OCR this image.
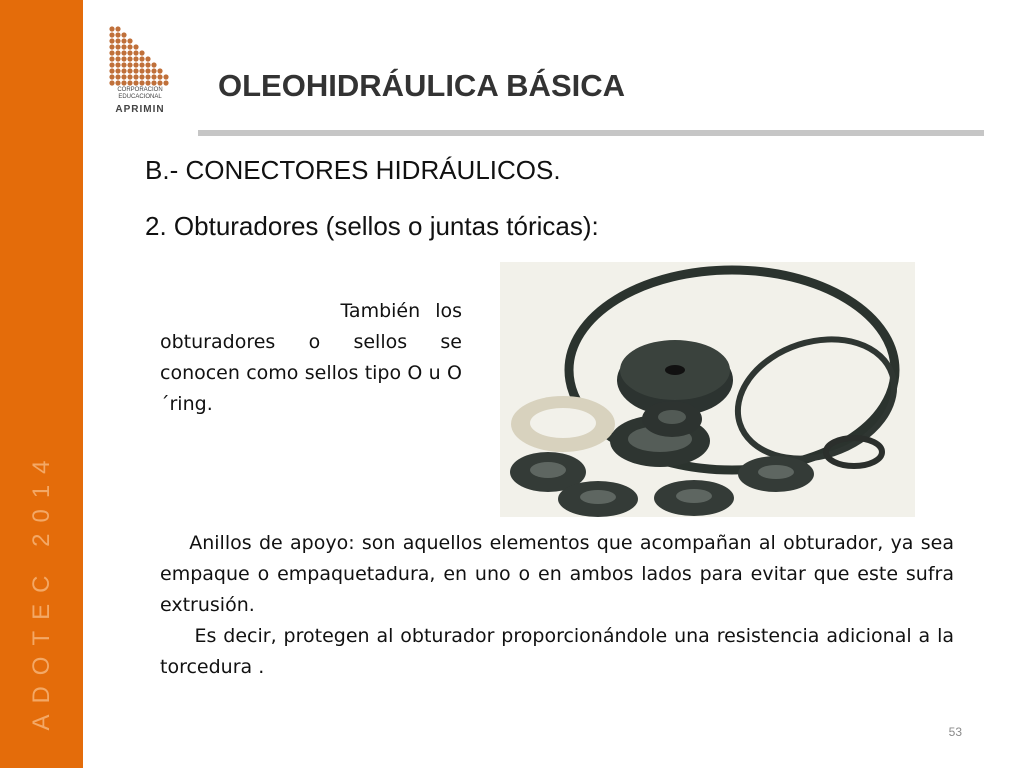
ADOTEC 2014
CORPORACION
EDUCACIONAL
APRIMIN
OLEOHIDRÁULICA BÁSICA
B.- CONECTORES HIDRÁULICOS.
2. Obturadores (sellos o juntas tóricas):

También los obturadores o sellos se conocen como sellos tipo O u O´ring.

Anillos de apoyo: son aquellos elementos que acompañan al obturador, ya sea empaque o empaquetadura, en uno o en ambos lados para evitar que este sufra extrusión.
Es decir, protegen al obturador proporcionándole una resistencia adicional a la torcedura .
53
